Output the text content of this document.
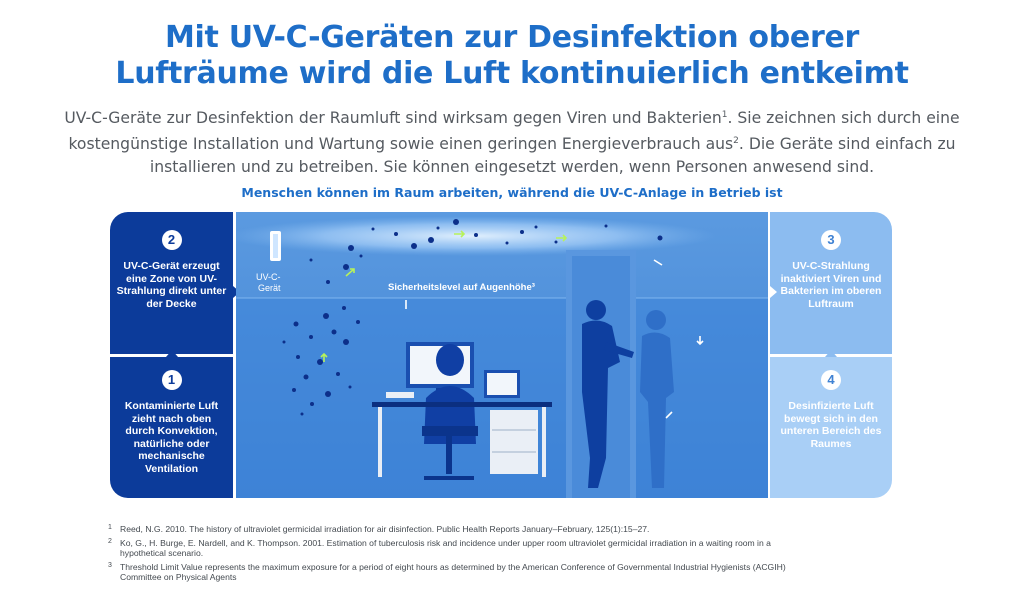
Mit UV-C-Geräten zur Desinfektion oberer
Lufträume wird die Luft kontinuierlich entkeimt
UV-C-Geräte zur Desinfektion der Raumluft sind wirksam gegen Viren und Bakterien$^1$. Sie zeichnen sich durch eine kostengünstige Installation und Wartung sowie einen geringen Energieverbrauch aus$^2$. Die Geräte sind einfach zu installieren und zu betreiben. Sie können eingesetzt werden, wenn Personen anwesend sind.
Menschen können im Raum arbeiten, während die UV-C-Anlage in Betrieb ist
2
UV-C-Gerät erzeugt eine Zone von UV-Strahlung direkt unter der Decke
1
Kontaminierte Luft zieht nach oben durch Konvektion, natürliche oder mechanische Ventilation
UV-C-
Gerät	Sicherheitslevel auf Augenhöhe³
3
UV-C-Strahlung inaktiviert Viren und Bakterien im oberen Luftraum
4
Desinfizierte Luft bewegt sich in den unteren Bereich des Raumes
1 Reed, N.G. 2010. The history of ultraviolet germicidal irradiation for air disinfection. Public Health Reports January–February, 125(1):15–27.
2 Ko, G., H. Burge, E. Nardell, and K. Thompson. 2001. Estimation of tuberculosis risk and incidence under upper room ultraviolet germicidal irradiation in a waiting room in a hypothetical scenario.
3 Threshold Limit Value represents the maximum exposure for a period of eight hours as determined by the American Conference of Governmental Industrial Hygienists (ACGIH) Committee on Physical Agents
